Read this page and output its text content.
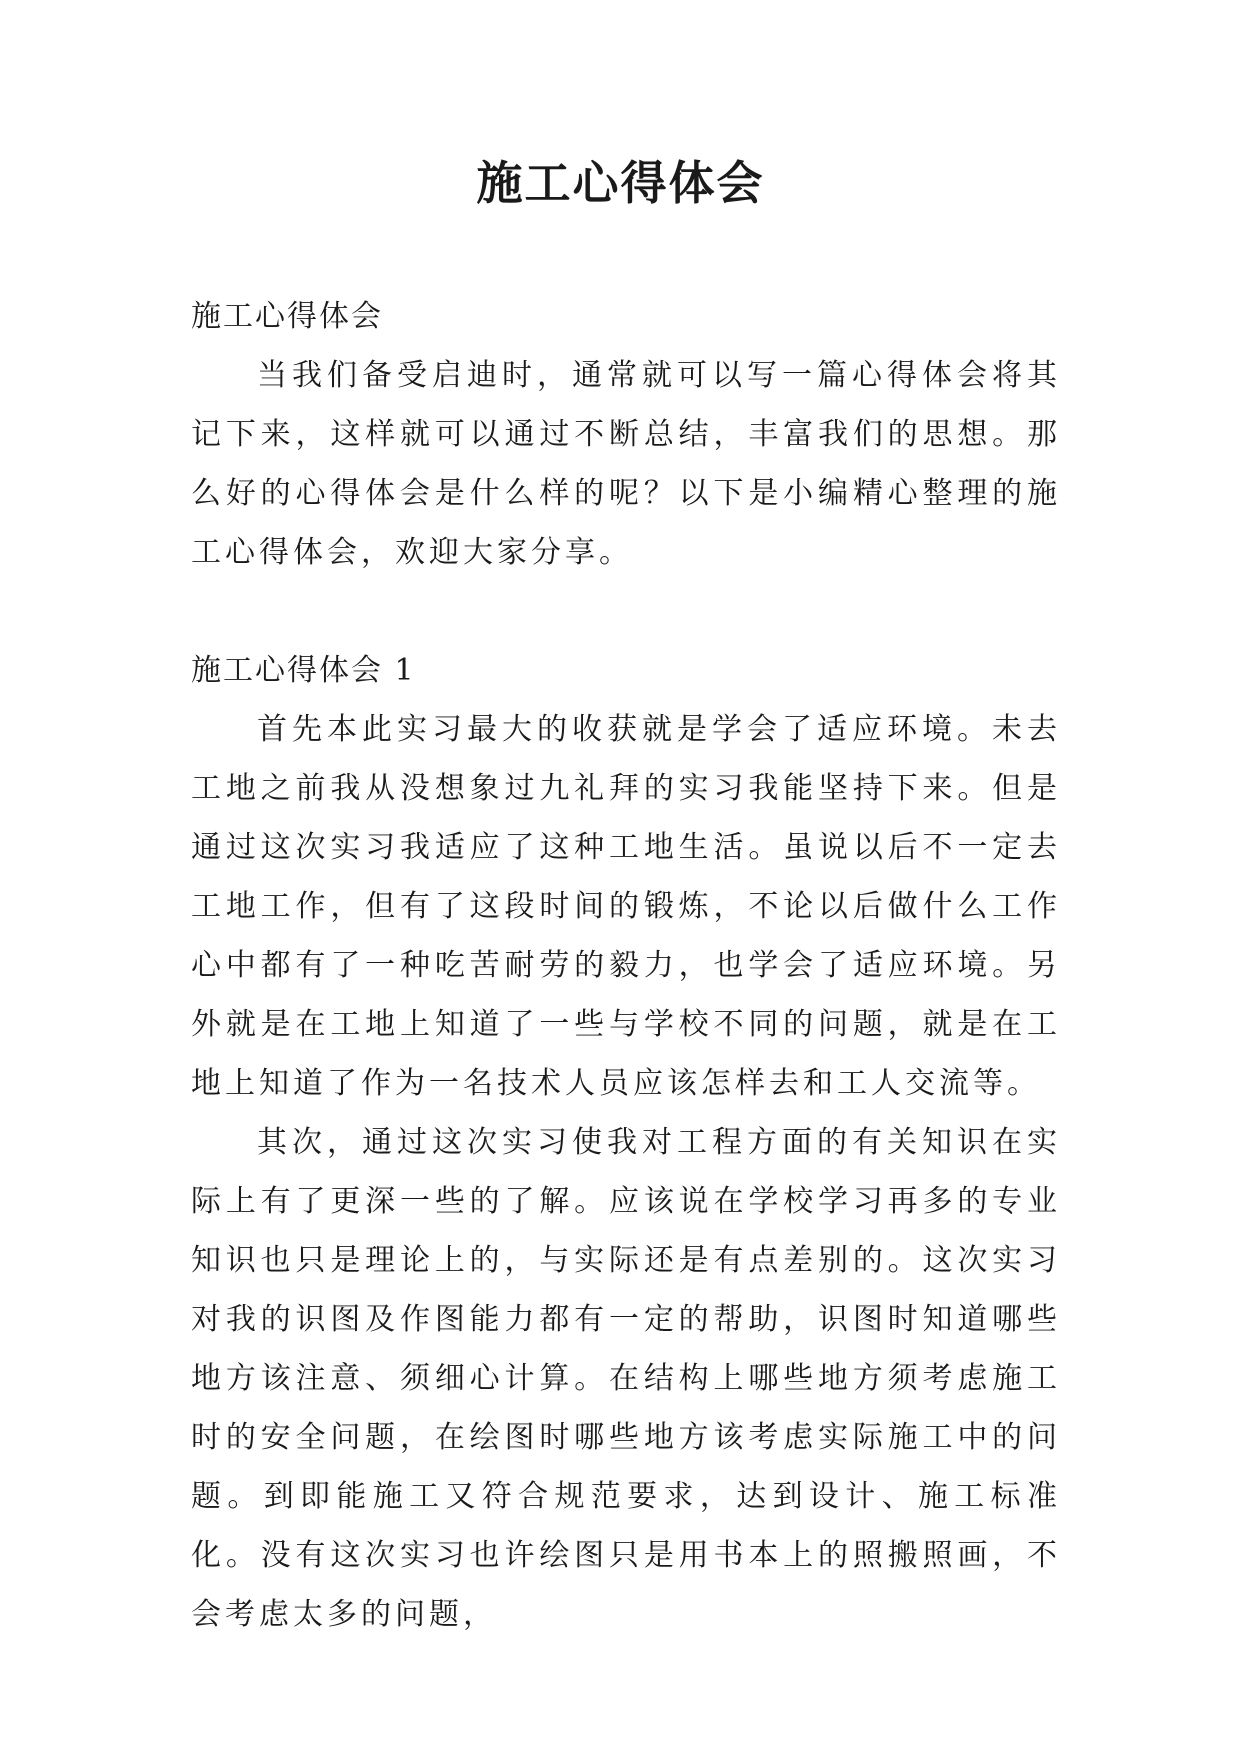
施工心得体会

施工心得体会

当我们备受启迪时，通常就可以写一篇心得体会将其记下来，这样就可以通过不断总结，丰富我们的思想。那么好的心得体会是什么样的呢？以下是小编精心整理的施工心得体会，欢迎大家分享。

施工心得体会 1

首先本此实习最大的收获就是学会了适应环境。未去工地之前我从没想象过九礼拜的实习我能坚持下来。但是通过这次实习我适应了这种工地生活。虽说以后不一定去工地工作，但有了这段时间的锻炼，不论以后做什么工作心中都有了一种吃苦耐劳的毅力，也学会了适应环境。另外就是在工地上知道了一些与学校不同的问题，就是在工地上知道了作为一名技术人员应该怎样去和工人交流等。

其次，通过这次实习使我对工程方面的有关知识在实际上有了更深一些的了解。应该说在学校学习再多的专业知识也只是理论上的，与实际还是有点差别的。这次实习对我的识图及作图能力都有一定的帮助，识图时知道哪些地方该注意、须细心计算。在结构上哪些地方须考虑施工时的安全问题，在绘图时哪些地方该考虑实际施工中的问题。到即能施工又符合规范要求，达到设计、施工标准化。没有这次实习也许绘图只是用书本上的照搬照画，不会考虑太多的问题，
